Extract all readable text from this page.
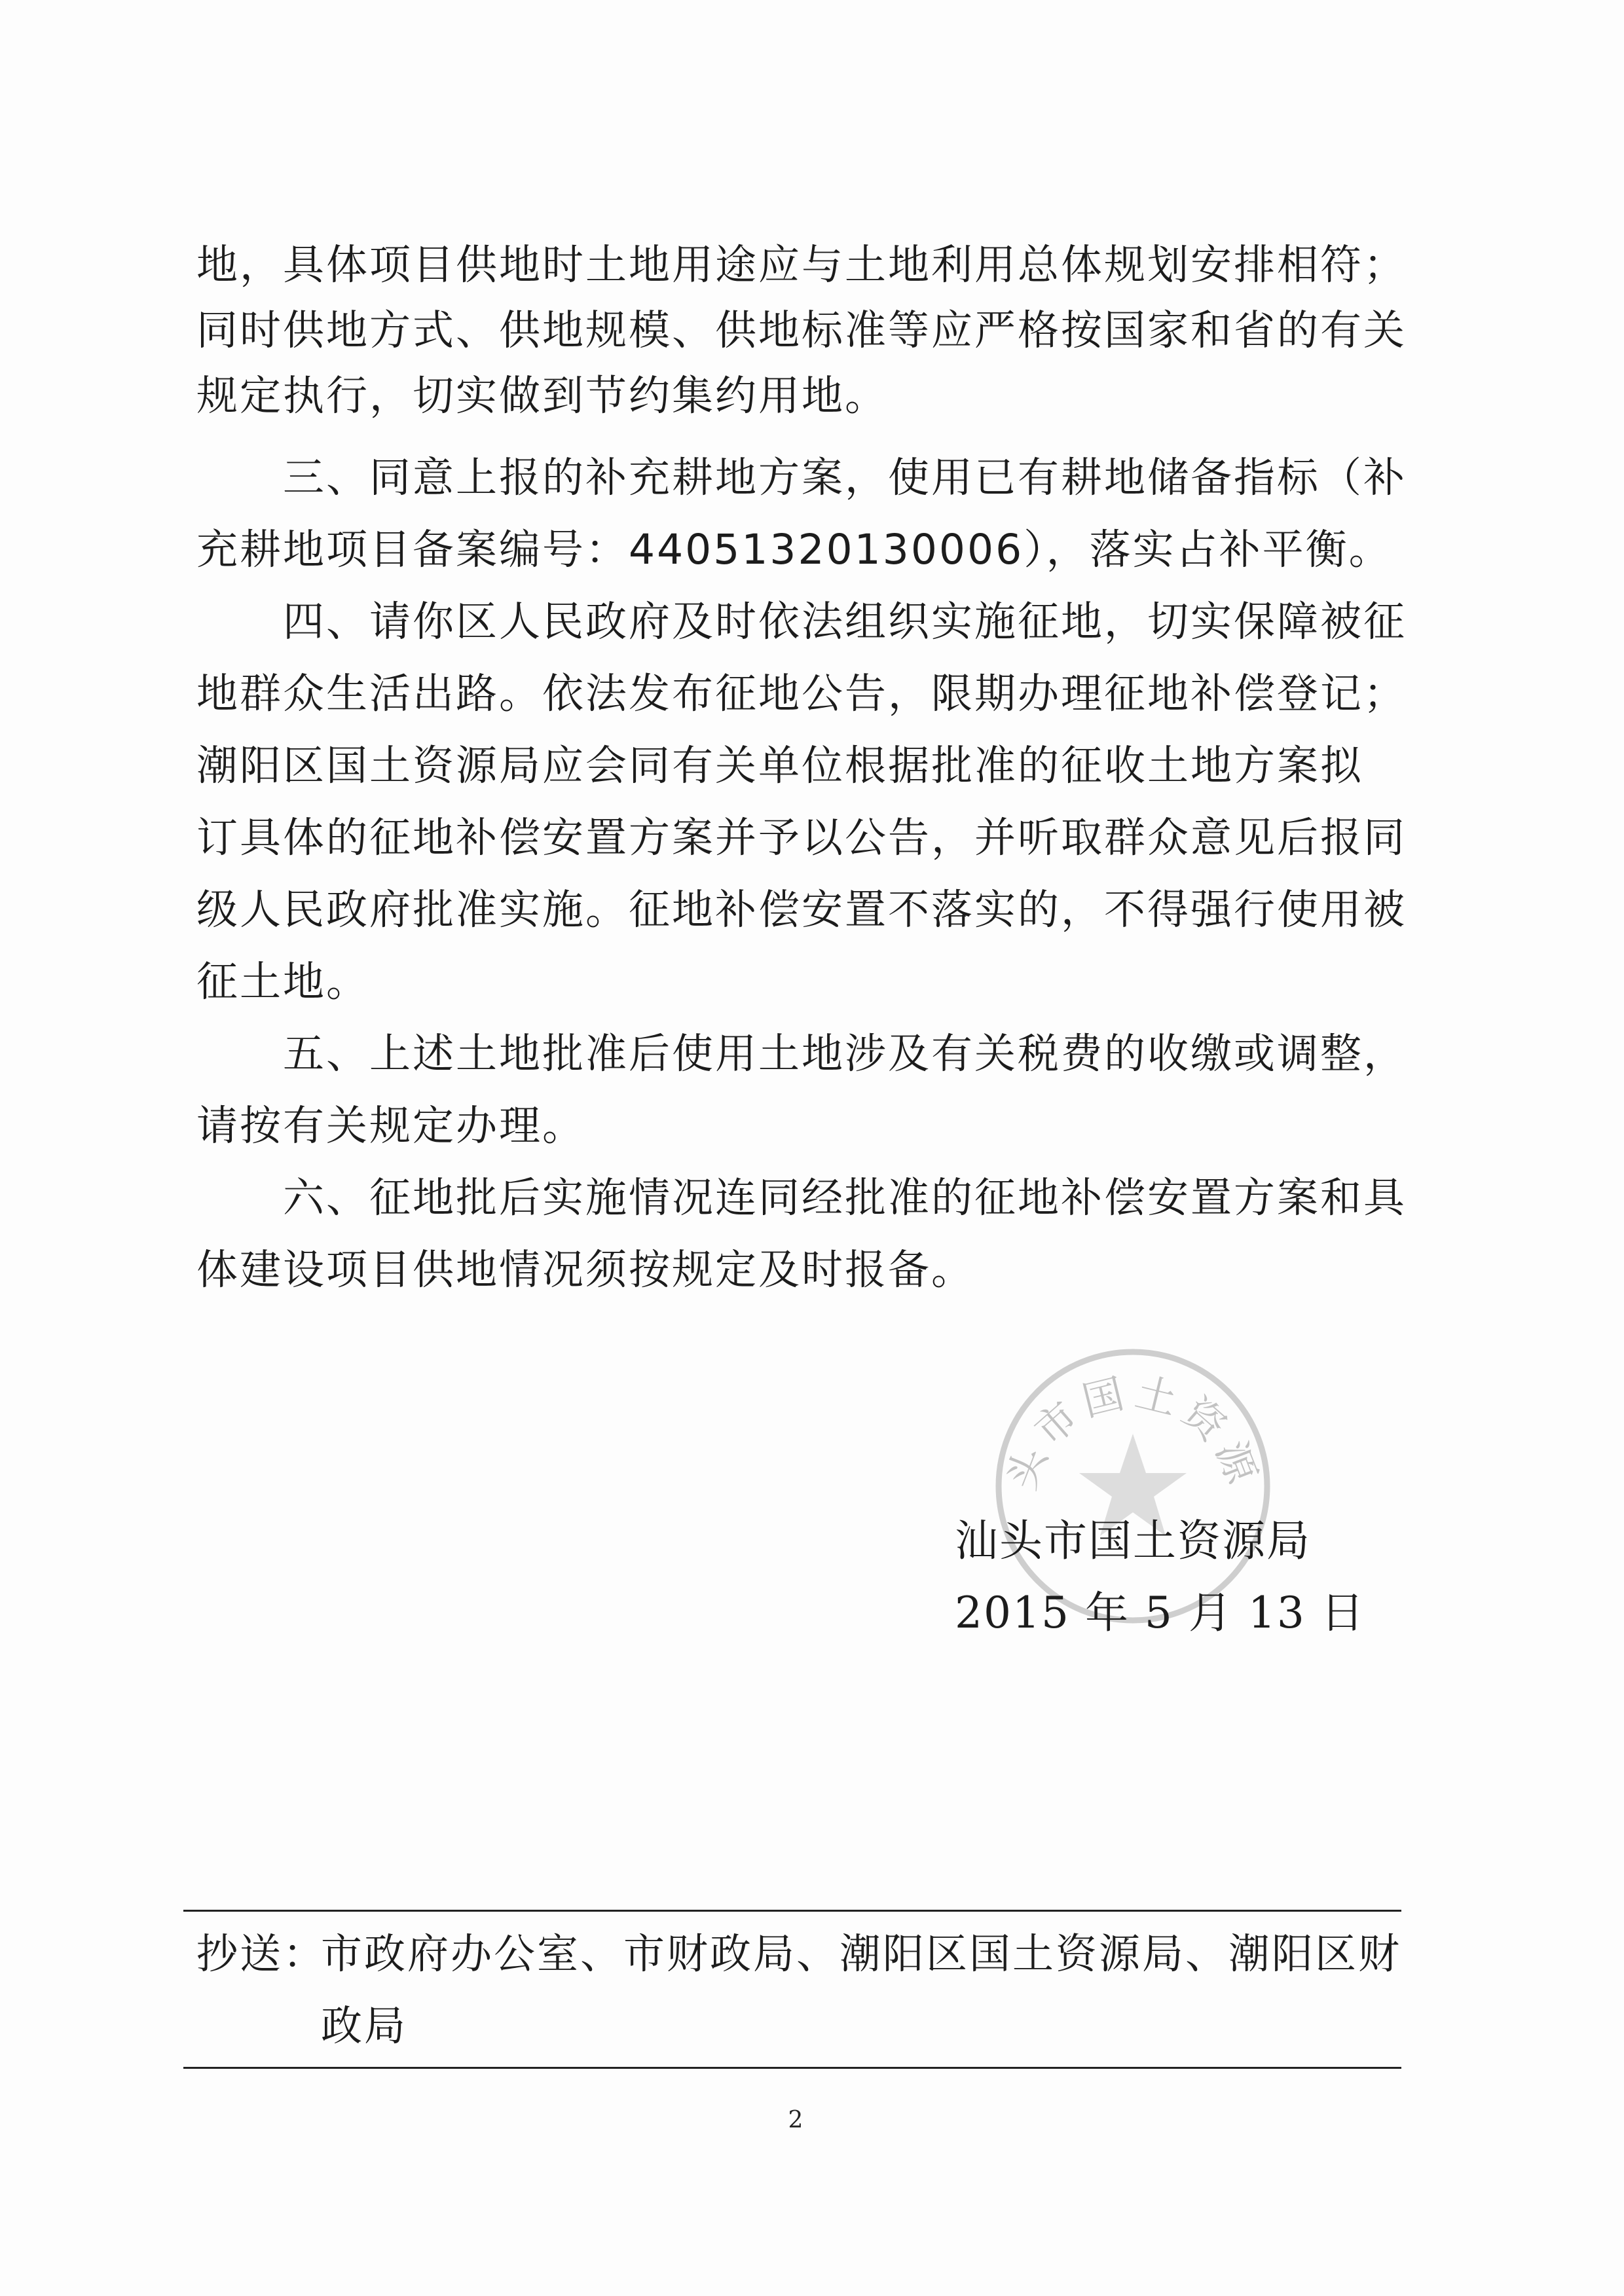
地，具体项目供地时土地用途应与土地利用总体规划安排相符；
同时供地方式、供地规模、供地标准等应严格按国家和省的有关
规定执行，切实做到节约集约用地。
三、同意上报的补充耕地方案，使用已有耕地储备指标（补
充耕地项目备案编号：44051320130006），落实占补平衡。
四、请你区人民政府及时依法组织实施征地，切实保障被征
地群众生活出路。依法发布征地公告，限期办理征地补偿登记；
潮阳区国土资源局应会同有关单位根据批准的征收土地方案拟
订具体的征地补偿安置方案并予以公告，并听取群众意见后报同
级人民政府批准实施。征地补偿安置不落实的，不得强行使用被
征土地。
五、上述土地批准后使用土地涉及有关税费的收缴或调整，
请按有关规定办理。
六、征地批后实施情况连同经批准的征地补偿安置方案和具
体建设项目供地情况须按规定及时报备。
头市国土资源
汕头市国土资源局
2015 年 5 月 13 日
抄送：
市政府办公室、市财政局、潮阳区国土资源局、潮阳区财
政局
2
